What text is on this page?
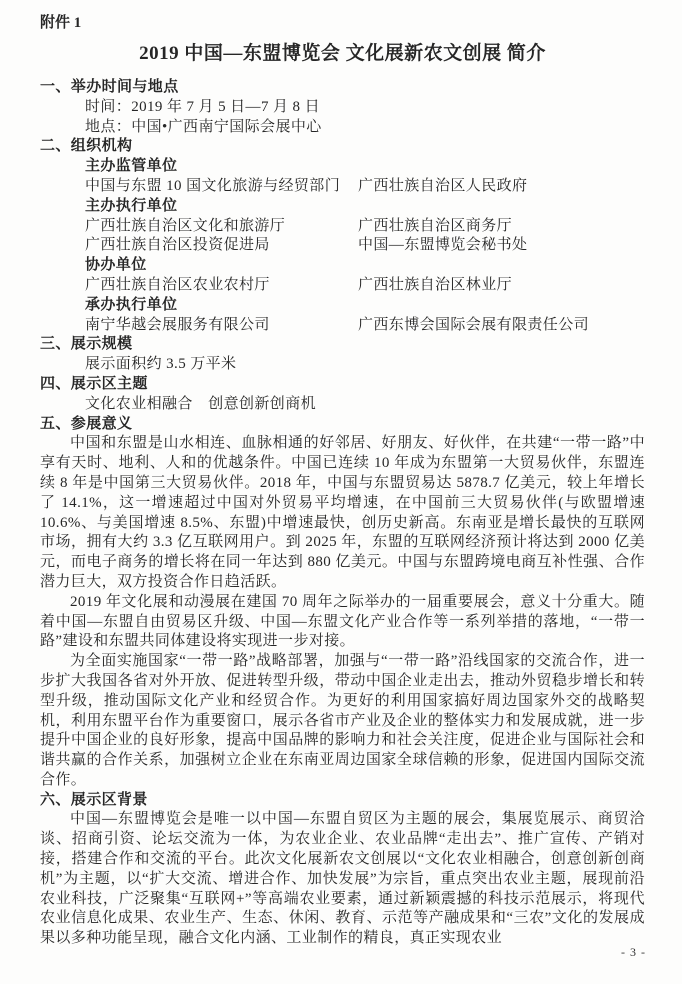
附件 1
2019 中国—东盟博览会 文化展新农文创展 简介
一、举办时间与地点
时间：2019 年 7 月 5 日—7 月 8 日
地点：中国•广西南宁国际会展中心
二、组织机构
主办监管单位
中国与东盟 10 国文化旅游与经贸部门	广西壮族自治区人民政府
主办执行单位
广西壮族自治区文化和旅游厅	广西壮族自治区商务厅
广西壮族自治区投资促进局	中国—东盟博览会秘书处
协办单位
广西壮族自治区农业农村厅	广西壮族自治区林业厅
承办执行单位
南宁华越会展服务有限公司	广西东博会国际会展有限责任公司
三、展示规模
展示面积约 3.5 万平米
四、展示区主题
文化农业相融合　创意创新创商机
五、参展意义

中国和东盟是山水相连、血脉相通的好邻居、好朋友、好伙伴，在共建“一带一路”中享有天时、地利、人和的优越条件。中国已连续 10 年成为东盟第一大贸易伙伴，东盟连续 8 年是中国第三大贸易伙伴。2018 年，中国与东盟贸易达 5878.7 亿美元，较上年增长了 14.1%，这一增速超过中国对外贸易平均增速，在中国前三大贸易伙伴(与欧盟增速 10.6%、与美国增速 8.5%、东盟)中增速最快，创历史新高。东南亚是增长最快的互联网市场，拥有大约 3.3 亿互联网用户。到 2025 年，东盟的互联网经济预计将达到 2000 亿美元，而电子商务的增长将在同一年达到 880 亿美元。中国与东盟跨境电商互补性强、合作潜力巨大，双方投资合作日趋活跃。

2019 年文化展和动漫展在建国 70 周年之际举办的一届重要展会，意义十分重大。随着中国—东盟自由贸易区升级、中国—东盟文化产业合作等一系列举措的落地，“一带一路”建设和东盟共同体建设将实现进一步对接。

为全面实施国家“一带一路”战略部署，加强与“一带一路”沿线国家的交流合作，进一步扩大我国各省对外开放、促进转型升级，带动中国企业走出去，推动外贸稳步增长和转型升级，推动国际文化产业和经贸合作。为更好的利用国家搞好周边国家外交的战略契机，利用东盟平台作为重要窗口，展示各省市产业及企业的整体实力和发展成就，进一步提升中国企业的良好形象，提高中国品牌的影响力和社会关注度，促进企业与国际社会和谐共赢的合作关系，加强树立企业在东南亚周边国家全球信赖的形象，促进国内国际交流合作。

六、展示区背景

中国—东盟博览会是唯一以中国—东盟自贸区为主题的展会，集展览展示、商贸洽谈、招商引资、论坛交流为一体，为农业企业、农业品牌“走出去”、推广宣传、产销对接，搭建合作和交流的平台。此次文化展新农文创展以“文化农业相融合，创意创新创商机”为主题，以“扩大交流、增进合作、加快发展”为宗旨，重点突出农业主题，展现前沿农业科技，广泛聚集“互联网+”等高端农业要素，通过新颖震撼的科技示范展示，将现代农业信息化成果、农业生产、生态、休闲、教育、示范等产融成果和“三农”文化的发展成果以多种功能呈现，融合文化内涵、工业制作的精良，真正实现农业

- 3 -
